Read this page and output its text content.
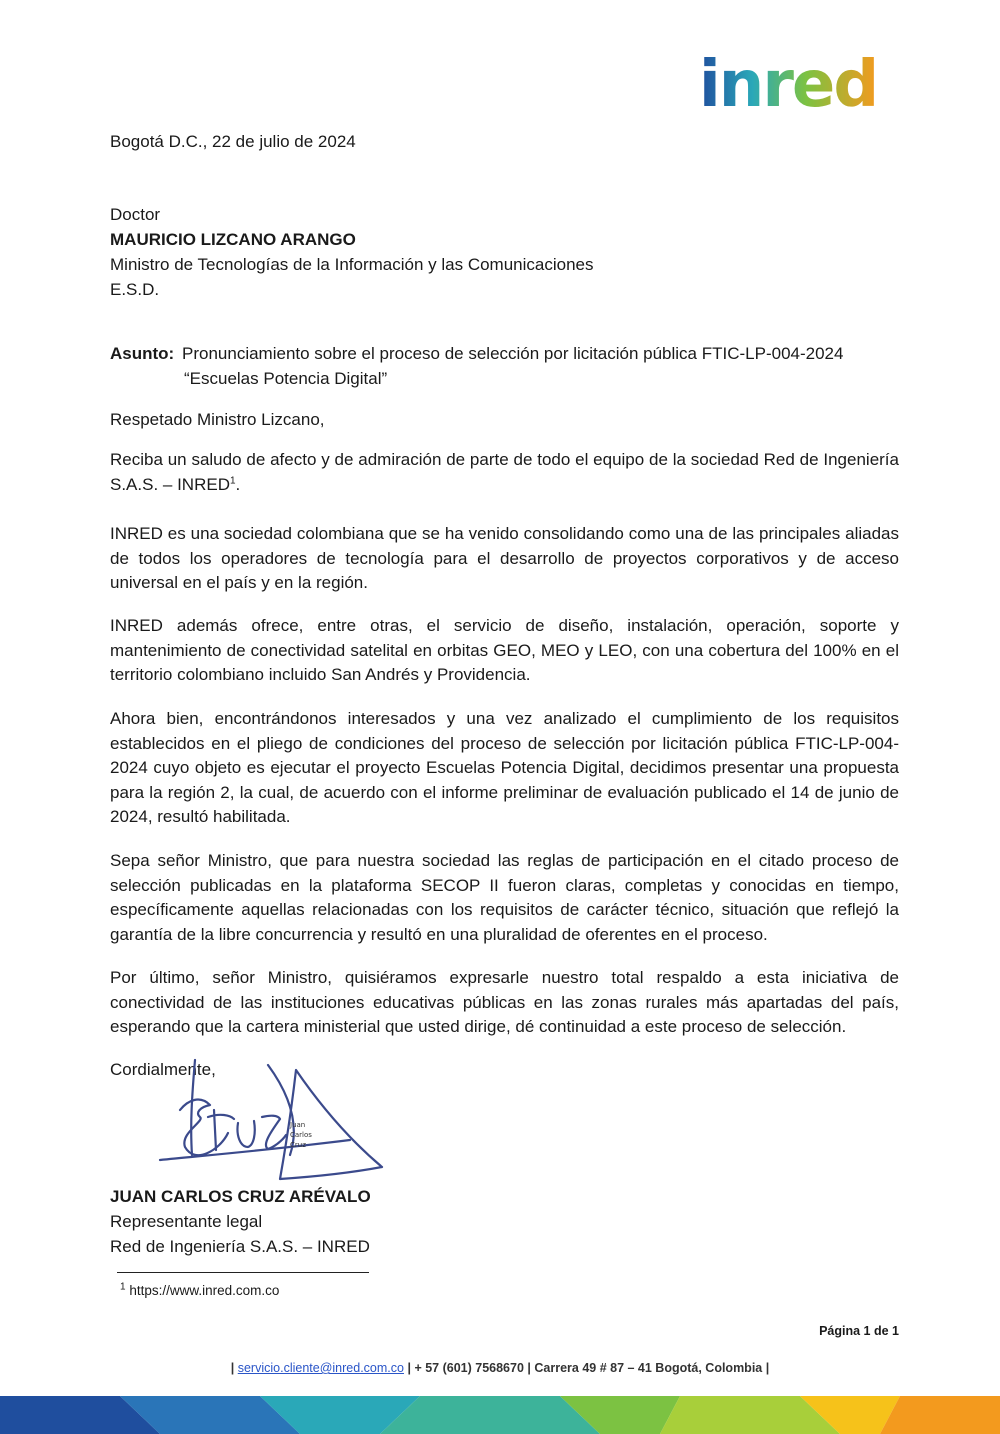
inred
Bogotá D.C., 22 de julio de 2024
Doctor
MAURICIO LIZCANO ARANGO
Ministro de Tecnologías de la Información y las Comunicaciones
E.S.D.
Asunto: Pronunciamiento sobre el proceso de selección por licitación pública FTIC-LP-004-2024
“Escuelas Potencia Digital”

Respetado Ministro Lizcano,

Reciba un saludo de afecto y de admiración de parte de todo el equipo de la sociedad Red de Ingeniería S.A.S. – INRED$^1$.

INRED es una sociedad colombiana que se ha venido consolidando como una de las principales aliadas de todos los operadores de tecnología para el desarrollo de proyectos corporativos y de acceso universal en el país y en la región.

INRED además ofrece, entre otras, el servicio de diseño, instalación, operación, soporte y mantenimiento de conectividad satelital en orbitas GEO, MEO y LEO, con una cobertura del 100% en el territorio colombiano incluido San Andrés y Providencia.

Ahora bien, encontrándonos interesados y una vez analizado el cumplimiento de los requisitos establecidos en el pliego de condiciones del proceso de selección por licitación pública FTIC-LP-004-2024 cuyo objeto es ejecutar el proyecto Escuelas Potencia Digital, decidimos presentar una propuesta para la región 2, la cual, de acuerdo con el informe preliminar de evaluación publicado el 14 de junio de 2024, resultó habilitada.

Sepa señor Ministro, que para nuestra sociedad las reglas de participación en el citado proceso de selección publicadas en la plataforma SECOP II fueron claras, completas y conocidas en tiempo, específicamente aquellas relacionadas con los requisitos de carácter técnico, situación que reflejó la garantía de la libre concurrencia y resultó en una pluralidad de oferentes en el proceso.

Por último, señor Ministro, quisiéramos expresarle nuestro total respaldo a esta iniciativa de conectividad de las instituciones educativas públicas en las zonas rurales más apartadas del país, esperando que la cartera ministerial que usted dirige, dé continuidad a este proceso de selección.

Cordialmente,
Juan
Carlos
Cruz
JUAN CARLOS CRUZ ARÉVALO
Representante legal
Red de Ingeniería S.A.S. – INRED
$^1$ https://www.inred.com.co
Página 1 de 1
| servicio.cliente@inred.com.co | + 57 (601) 7568670 | Carrera 49 # 87 – 41 Bogotá, Colombia |
